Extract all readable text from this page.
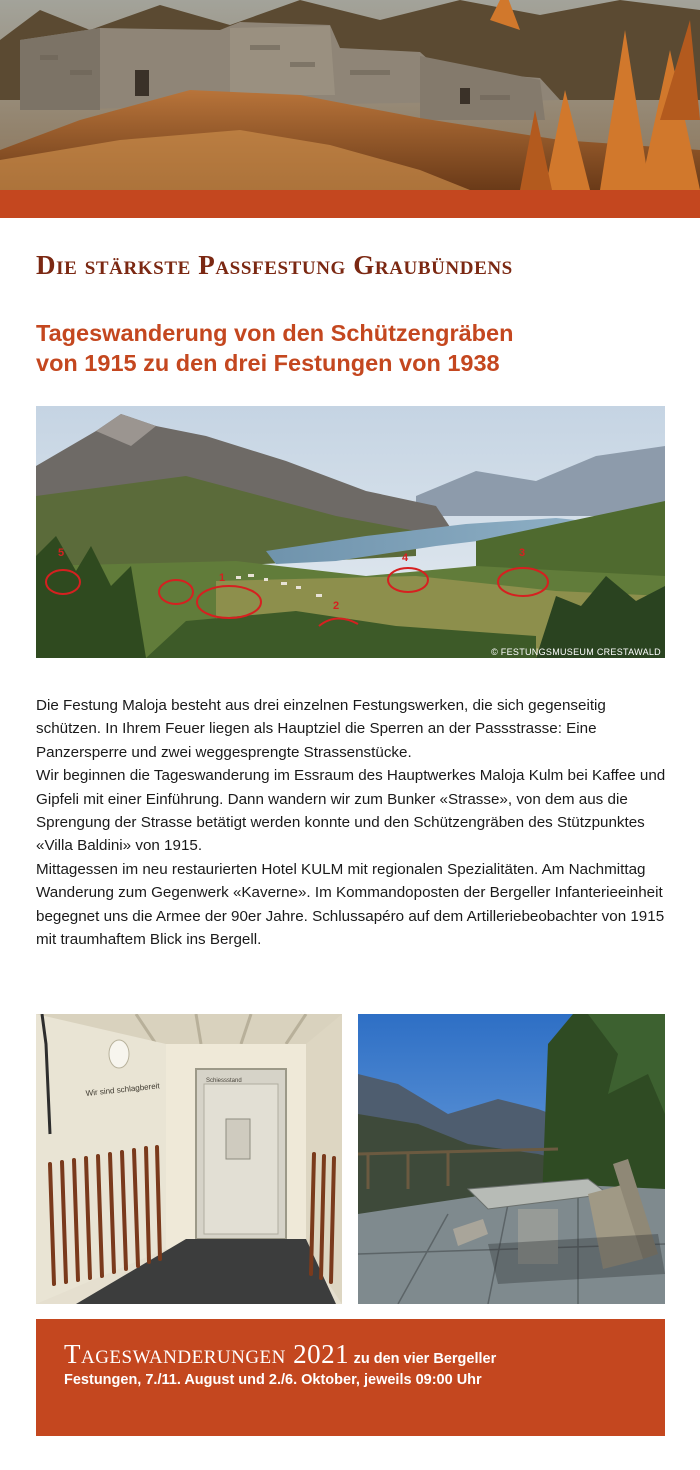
Die stärkste Passfestung Graubündens
Tageswanderung von den Schützengräben
von 1915 zu den drei Festungen von 1938
5
1
4	3
2
© FESTUNGSMUSEUM CRESTAWALD

Die Festung Maloja besteht aus drei einzelnen Festungswerken, die sich gegenseitig schützen. In Ihrem Feuer liegen als Hauptziel die Sperren an der Passstrasse: Eine Panzersperre und zwei weggesprengte Strassenstücke.

Wir beginnen die Tageswanderung im Essraum des Hauptwerkes Maloja Kulm bei Kaffee und Gipfeli mit einer Einführung. Dann wandern wir zum Bunker «Strasse», von dem aus die Sprengung der Strasse betätigt werden konnte und den Schützengräben des Stützpunktes «Villa Baldini» von 1915.

Mittagessen im neu restaurierten Hotel KULM mit regionalen Spezialitäten. Am Nachmittag Wanderung zum Gegenwerk «Kaverne». Im Kommandoposten der Bergeller Infanterieeinheit begegnet uns die Armee der 90er Jahre. Schlussapéro auf dem Artilleriebeobachter von 1915 mit traumhaftem Blick ins Bergell.

Schiessstand
Wir sind schlagbereit
Tageswanderungen 2021 zu den vier Bergeller
Festungen, 7./11. August und 2./6. Oktober, jeweils 09:00 Uhr
